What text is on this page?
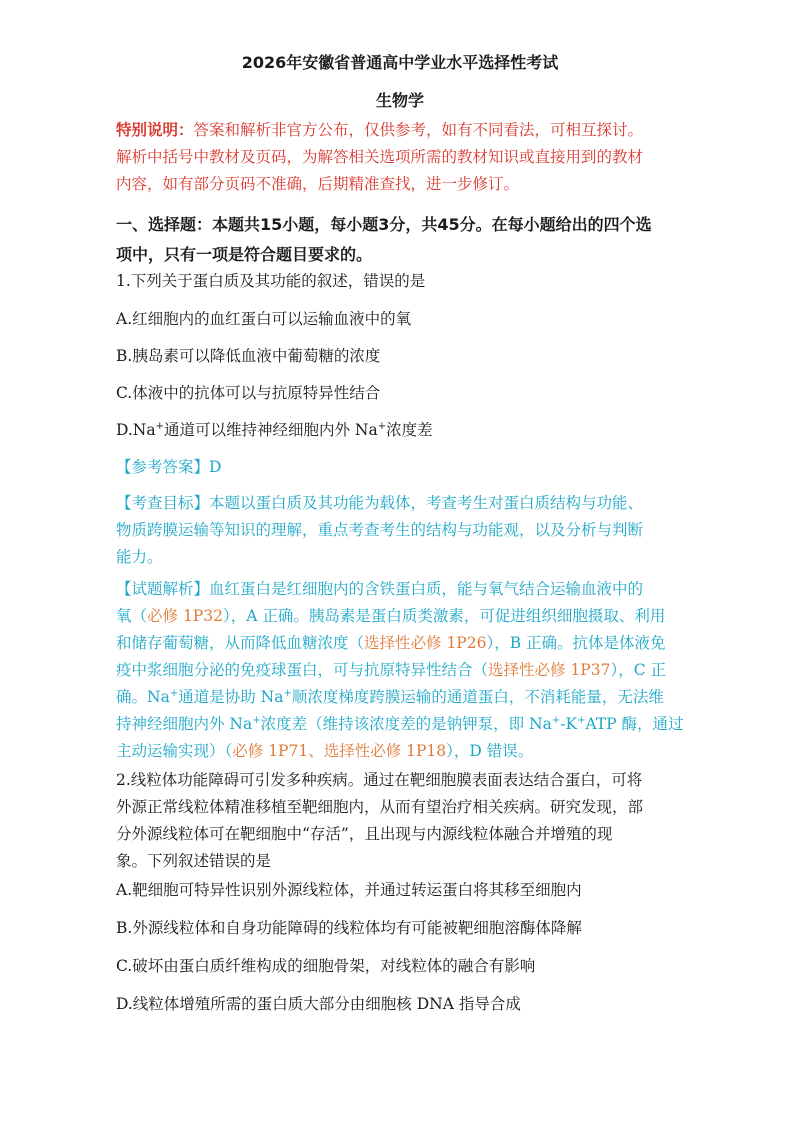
2026年安徽省普通高中学业水平选择性考试
生物学
特别说明：答案和解析非官方公布，仅供参考，如有不同看法，可相互探讨。
解析中括号中教材及页码，为解答相关选项所需的教材知识或直接用到的教材
内容，如有部分页码不准确，后期精准查找，进一步修订。
一、选择题：本题共15小题，每小题3分，共45分。在每小题给出的四个选
项中，只有一项是符合题目要求的。
1.下列关于蛋白质及其功能的叙述，错误的是
A.红细胞内的血红蛋白可以运输血液中的氧
B.胰岛素可以降低血液中葡萄糖的浓度
C.体液中的抗体可以与抗原特异性结合
D.Na+通道可以维持神经细胞内外 Na+浓度差
【参考答案】D
【考查目标】本题以蛋白质及其功能为载体，考查考生对蛋白质结构与功能、
物质跨膜运输等知识的理解，重点考查考生的结构与功能观，以及分析与判断
能力。
【试题解析】血红蛋白是红细胞内的含铁蛋白质，能与氧气结合运输血液中的
氧（必修 1P32），A 正确。胰岛素是蛋白质类激素，可促进组织细胞摄取、利用
和储存葡萄糖，从而降低血糖浓度（选择性必修 1P26），B 正确。抗体是体液免
疫中浆细胞分泌的免疫球蛋白，可与抗原特异性结合（选择性必修 1P37），C 正
确。Na+通道是协助 Na+顺浓度梯度跨膜运输的通道蛋白，不消耗能量，无法维
持神经细胞内外 Na+浓度差（维持该浓度差的是钠钾泵，即 Na+-K+ATP 酶，通过
主动运输实现）（必修 1P71、选择性必修 1P18），D 错误。
2.线粒体功能障碍可引发多种疾病。通过在靶细胞膜表面表达结合蛋白，可将
外源正常线粒体精准移植至靶细胞内，从而有望治疗相关疾病。研究发现，部
分外源线粒体可在靶细胞中“存活”，且出现与内源线粒体融合并增殖的现
象。下列叙述错误的是
A.靶细胞可特异性识别外源线粒体，并通过转运蛋白将其移至细胞内
B.外源线粒体和自身功能障碍的线粒体均有可能被靶细胞溶酶体降解
C.破坏由蛋白质纤维构成的细胞骨架，对线粒体的融合有影响
D.线粒体增殖所需的蛋白质大部分由细胞核 DNA 指导合成
